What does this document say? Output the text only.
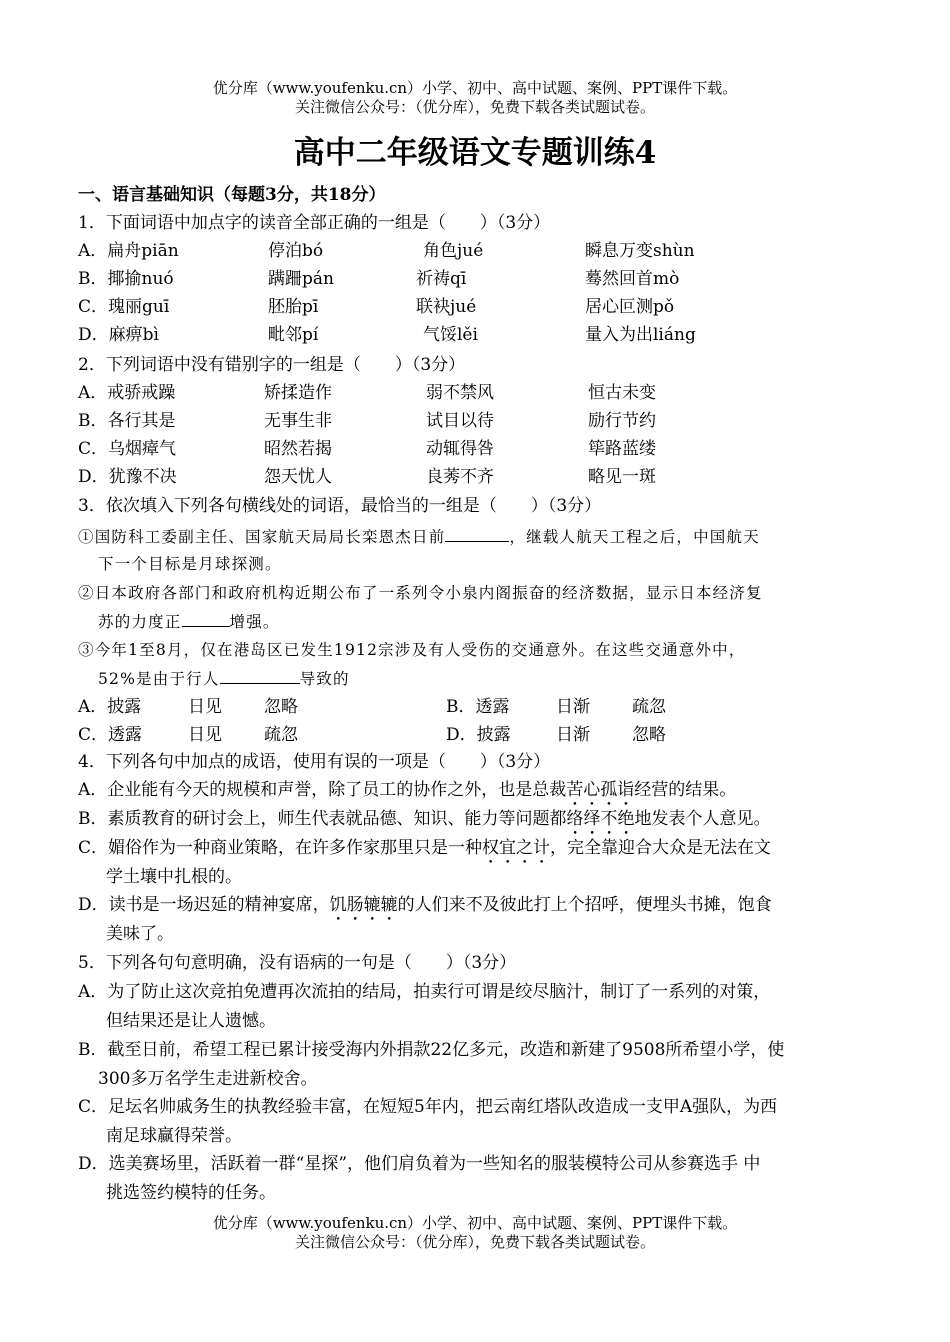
优分库（www.youfenku.cn）小学、初中、高中试题、案例、PPT课件下载。
关注微信公众号：（优分库），免费下载各类试题试卷。
高中二年级语文专题训练4
一、语言基础知识（每题3分，共18分）
1．下面词语中加点字的读音全部正确的一组是（　　）（3分）
A．扁舟piān	停泊bó	角色jué	瞬息万变shùn
B．揶揄nuó	蹒跚pán	祈祷qī	蓦然回首mò
C．瑰丽guī	胚胎pī	联袂jué	居心叵测pǒ
D．麻痹bì	毗邻pí	气馁lěi	量入为出liáng
2．下列词语中没有错别字的一组是（　　）（3分）
A．戒骄戒躁	矫揉造作	弱不禁风	恒古未变
B．各行其是	无事生非	试目以待	励行节约
C．乌烟瘴气	昭然若揭	动辄得咎	筚路蓝缕
D．犹豫不决	怨天忧人	良莠不齐	略见一斑
3．依次填入下列各句横线处的词语，最恰当的一组是（　　）（3分）
①国防科工委副主任、国家航天局局长栾恩杰日前	，继载人航天工程之后，中国航天
下一个目标是月球探测。
②日本政府各部门和政府机构近期公布了一系列令小泉内阁振奋的经济数据，显示日本经济复
苏的力度正	增强。
③今年1至8月，仅在港岛区已发生1912宗涉及有人受伤的交通意外。在这些交通意外中，
52%是由于行人	导致的
A．披露	日见 忽略	B．透露	日渐 疏忽
C．透露	日见 疏忽	D．披露	日渐 忽略
4．下列各句中加点的成语，使用有误的一项是（　　）（3分）
A．企业能有今天的规模和声誉，除了员工的协作之外，也是总裁苦心孤诣经营的结果。
B．素质教育的研讨会上，师生代表就品德、知识、能力等问题都络绎不绝地发表个人意见。
C．媚俗作为一种商业策略，在许多作家那里只是一种权宜之计，完全靠迎合大众是无法在文
学土壤中扎根的。
D．读书是一场迟延的精神宴席，饥肠辘辘的人们来不及彼此打上个招呼，便埋头书摊，饱食
美味了。
5．下列各句句意明确，没有语病的一句是（　　）（3分）
A．为了防止这次竞拍免遭再次流拍的结局，拍卖行可谓是绞尽脑汁，制订了一系列的对策，
但结果还是让人遗憾。
B．截至日前，希望工程已累计接受海内外捐款22亿多元，改造和新建了9508所希望小学，使
300多万名学生走进新校舍。
C．足坛名帅戚务生的执教经验丰富，在短短5年内，把云南红塔队改造成一支甲A强队，为西
南足球赢得荣誉。
D．选美赛场里，活跃着一群“星探”，他们肩负着为一些知名的服装模特公司从参赛选手 中
挑选签约模特的任务。
优分库（www.youfenku.cn）小学、初中、高中试题、案例、PPT课件下载。
关注微信公众号：（优分库），免费下载各类试题试卷。
